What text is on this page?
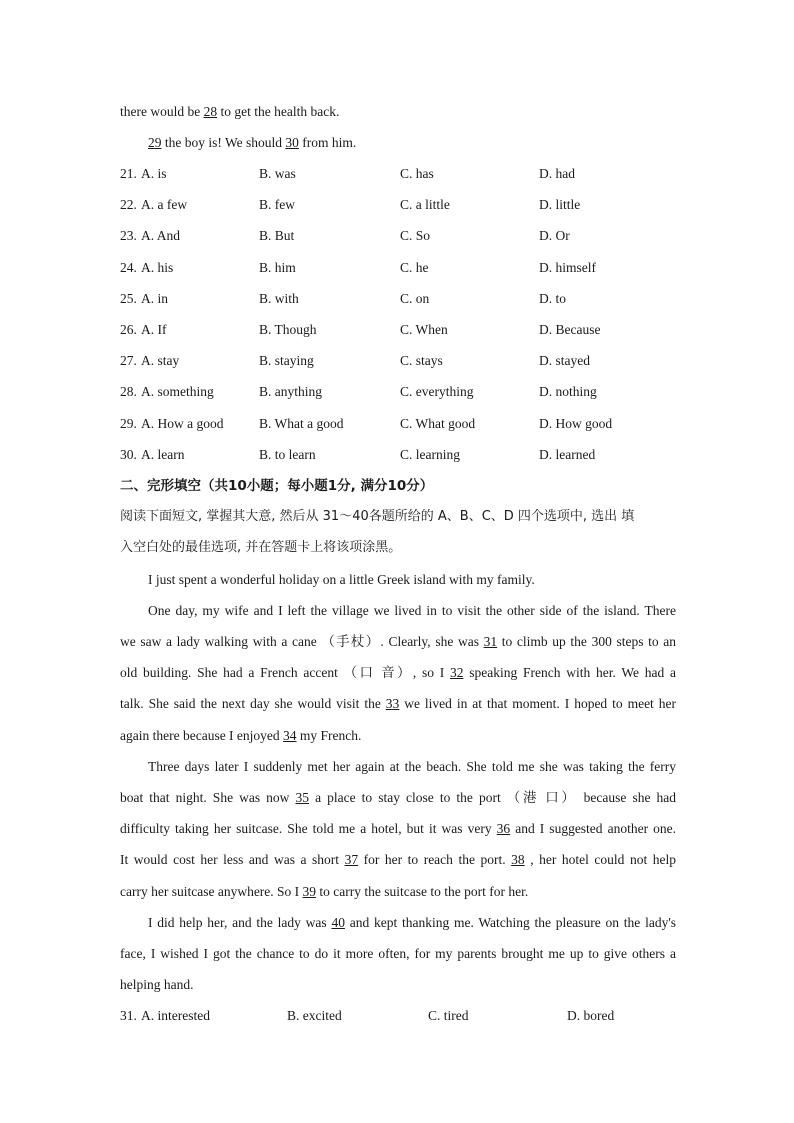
there would be 28 to get the health back.
29 the boy is! We should 30 from him.
21. A. is	B. was	C. has	D. had
22. A. a few	B. few	C. a little	D. little
23. A. And	B. But	C. So	D. Or
24. A. his	B. him	C. he	D. himself
25. A. in	B. with	C. on	D. to
26. A. If	B. Though	C. When	D. Because
27. A. stay	B. staying	C. stays	D. stayed
28. A. something	B. anything	C. everything	D. nothing
29. A. How a good	B. What a good	C. What good	D. How good
30. A. learn	B. to learn	C. learning	D. learned
二、完形填空（共10小题；每小题1分, 满分10分）
阅读下面短文, 掌握其大意, 然后从 31～40各题所给的 A、B、C、D 四个选项中, 选出 填
入空白处的最佳选项, 并在答题卡上将该项涂黑。
I just spent a wonderful holiday on a little Greek island with my family.
One day, my wife and I left the village we lived in to visit the other side of the island. There
we saw a lady walking with a cane （手杖）. Clearly, she was 31 to climb up the 300 steps to an
old building. She had a French accent （口 音）, so I 32 speaking French with her. We had a
talk. She said the next day she would visit the 33 we lived in at that moment. I hoped to meet her
again there because I enjoyed 34 my French.
Three days later I suddenly met her again at the beach. She told me she was taking the ferry
boat that night. She was now 35 a place to stay close to the port （港 口） because she had
difficulty taking her suitcase. She told me a hotel, but it was very 36 and I suggested another one.
It would cost her less and was a short 37 for her to reach the port. 38 , her hotel could not help
carry her suitcase anywhere. So I 39 to carry the suitcase to the port for her.
I did help her, and the lady was 40 and kept thanking me. Watching the pleasure on the lady's
face, I wished I got the chance to do it more often, for my parents brought me up to give others a
helping hand.
31. A. interested	B. excited	C. tired	D. bored
